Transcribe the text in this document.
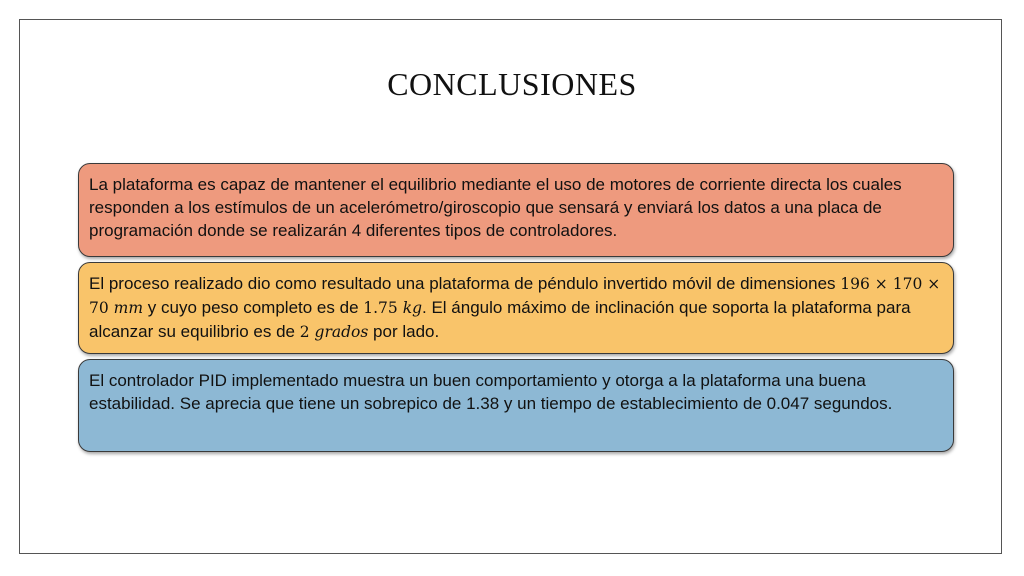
CONCLUSIONES

La plataforma es capaz de mantener el equilibrio mediante el uso de motores de corriente directa los cuales responden a los estímulos de un acelerómetro/giroscopio que sensará y enviará los datos a una placa de programación donde se realizarán 4 diferentes tipos de controladores.

El proceso realizado dio como resultado una plataforma de péndulo invertido móvil de dimensiones 196 × 170 × 70 mm y cuyo peso completo es de 1.75 kg. El ángulo máximo de inclinación que soporta la plataforma para alcanzar su equilibrio es de 2 grados por lado.

El controlador PID implementado muestra un buen comportamiento y otorga a la plataforma una buena estabilidad. Se aprecia que tiene un sobrepico de 1.38 y un tiempo de establecimiento de 0.047 segundos.
